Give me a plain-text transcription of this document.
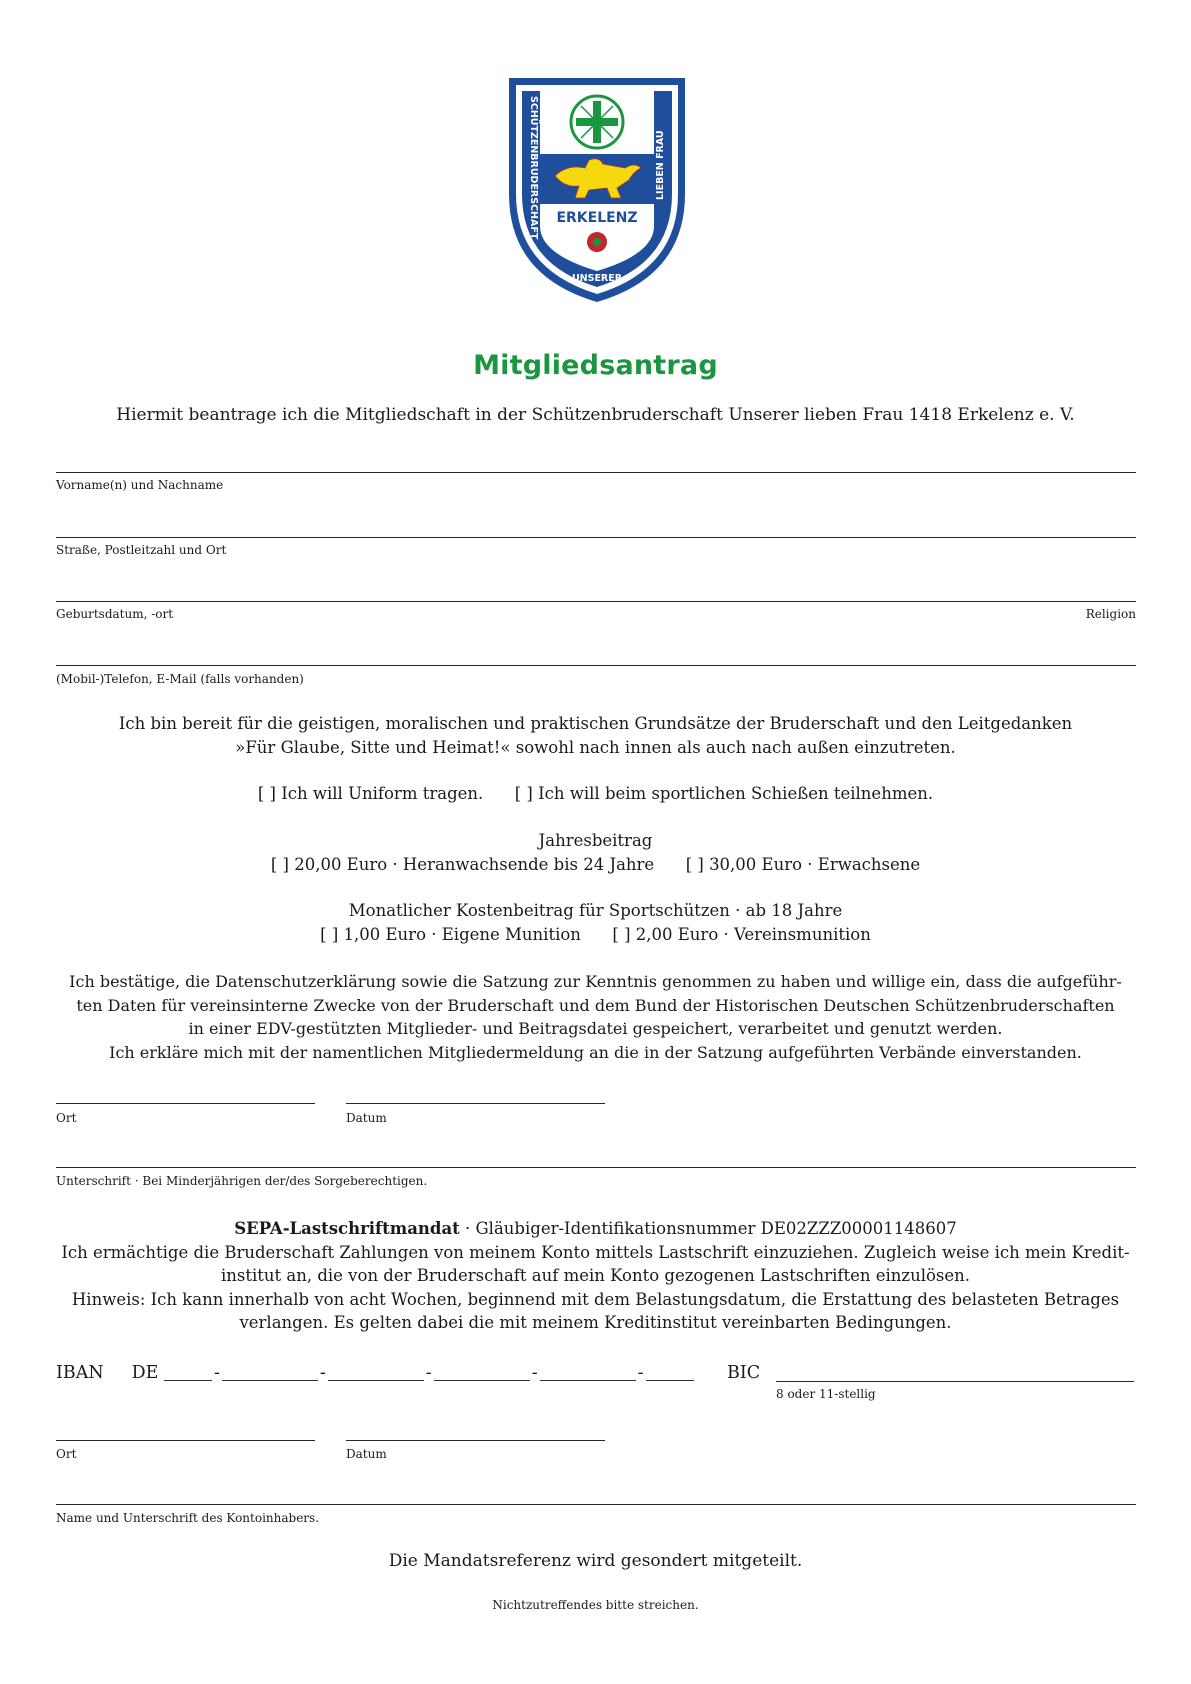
ERKELENZ
SCHÜTZENBRUDERSCHAFT	LIEBEN FRAU
UNSERER
Mitgliedsantrag
Hiermit beantrage ich die Mitgliedschaft in der Schützenbruderschaft Unserer lieben Frau 1418 Erkelenz e. V.
Vorname(n) und Nachname
Straße, Postleitzahl und Ort
Geburtsdatum, -ort	Religion
(Mobil-)Telefon, E-Mail (falls vorhanden)
Ich bin bereit für die geistigen, moralischen und praktischen Grundsätze der Bruderschaft und den Leitgedanken
»Für Glaube, Sitte und Heimat!« sowohl nach innen als auch nach außen einzutreten.
[ ] Ich will Uniform tragen. [ ] Ich will beim sportlichen Schießen teilnehmen.
Jahresbeitrag
[ ] 20,00 Euro · Heranwachsende bis 24 Jahre [ ] 30,00 Euro · Erwachsene
Monatlicher Kostenbeitrag für Sportschützen · ab 18 Jahre
[ ] 1,00 Euro · Eigene Munition [ ] 2,00 Euro · Vereinsmunition
Ich bestätige, die Datenschutzerklärung sowie die Satzung zur Kenntnis genommen zu haben und willige ein, dass die aufgeführ-
ten Daten für vereinsinterne Zwecke von der Bruderschaft und dem Bund der Historischen Deutschen Schützenbruderschaften
in einer EDV-gestützten Mitglieder- und Beitragsdatei gespeichert, verarbeitet und genutzt werden.
Ich erkläre mich mit der namentlichen Mitgliedermeldung an die in der Satzung aufgeführten Verbände einverstanden.
Ort	Datum
Unterschrift · Bei Minderjährigen der/des Sorgeberechtigen.
SEPA-Lastschriftmandat · Gläubiger-Identifikationsnummer DE02ZZZ00001148607
Ich ermächtige die Bruderschaft Zahlungen von meinem Konto mittels Lastschrift einzuziehen. Zugleich weise ich mein Kredit-
institut an, die von der Bruderschaft auf mein Konto gezogenen Lastschriften einzulösen.
Hinweis: Ich kann innerhalb von acht Wochen, beginnend mit dem Belastungsdatum, die Erstattung des belasteten Betrages
verlangen. Es gelten dabei die mit meinem Kreditinstitut vereinbarten Bedingungen.
IBAN DE	-	-	-	-	-	BIC
8 oder 11-stellig
Ort	Datum
Name und Unterschrift des Kontoinhabers.
Die Mandatsreferenz wird gesondert mitgeteilt.
Nichtzutreffendes bitte streichen.
